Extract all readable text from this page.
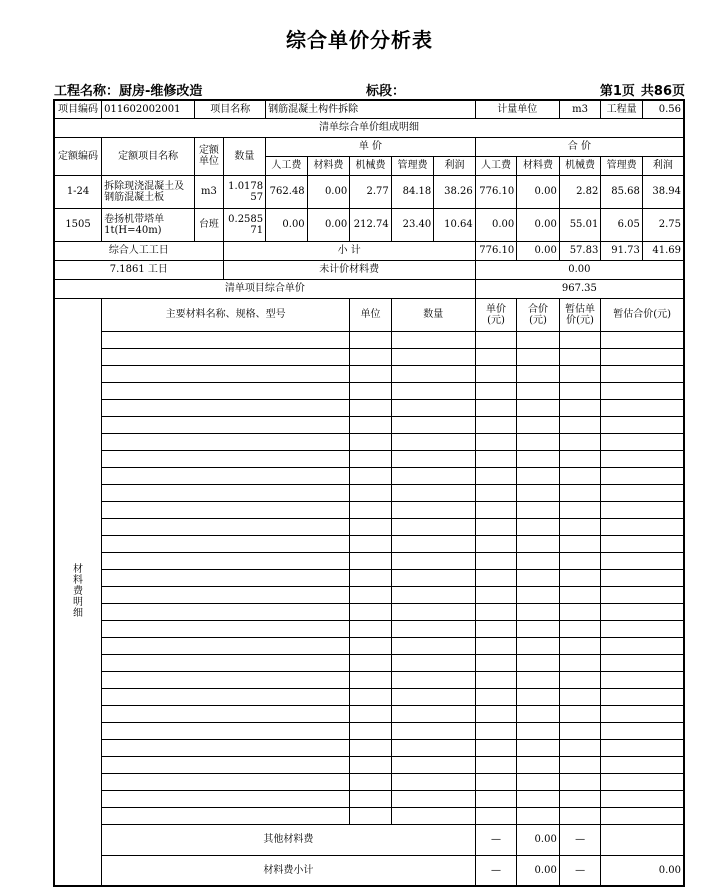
综合单价分析表
工程名称：厨房-维修改造	标段：	第1页 共86页
项目编码	011602002001	项目名称		钢筋混凝土构件拆除					计量单位		m3	工程量	0.56
清单综合单价组成明细													
定额编码	定额项目名称	定额单位	数量	单 价					合 价				
				人工费	材料费	机械费	管理费	利润	人工费	材料费	机械费	管理费	利润
1-24	拆除现浇混凝土及钢筋混凝土板	m3	1.017857	762.48	0.00	2.77	84.18	38.26	776.10	0.00	2.82	85.68	38.94
1505	卷扬机带塔单1t(H=40m)	台班	0.258571	0.00	0.00	212.74	23.40	10.64	0.00	0.00	55.01	6.05	2.75
综合人工工日			小 计						776.10	0.00	57.83	91.73	41.69
7.1861 工日			未计价材料费						0.00				
清单项目综合单价									967.35				

材
料
费
明
细	主要材料名称、规格、型号					单位	数量		单价(元)	合价(元)	暂估单价(元)	暂估合价(元)	

	其他材料费								—	0.00	—		
	材料费小计								—	0.00	—	0.00	
